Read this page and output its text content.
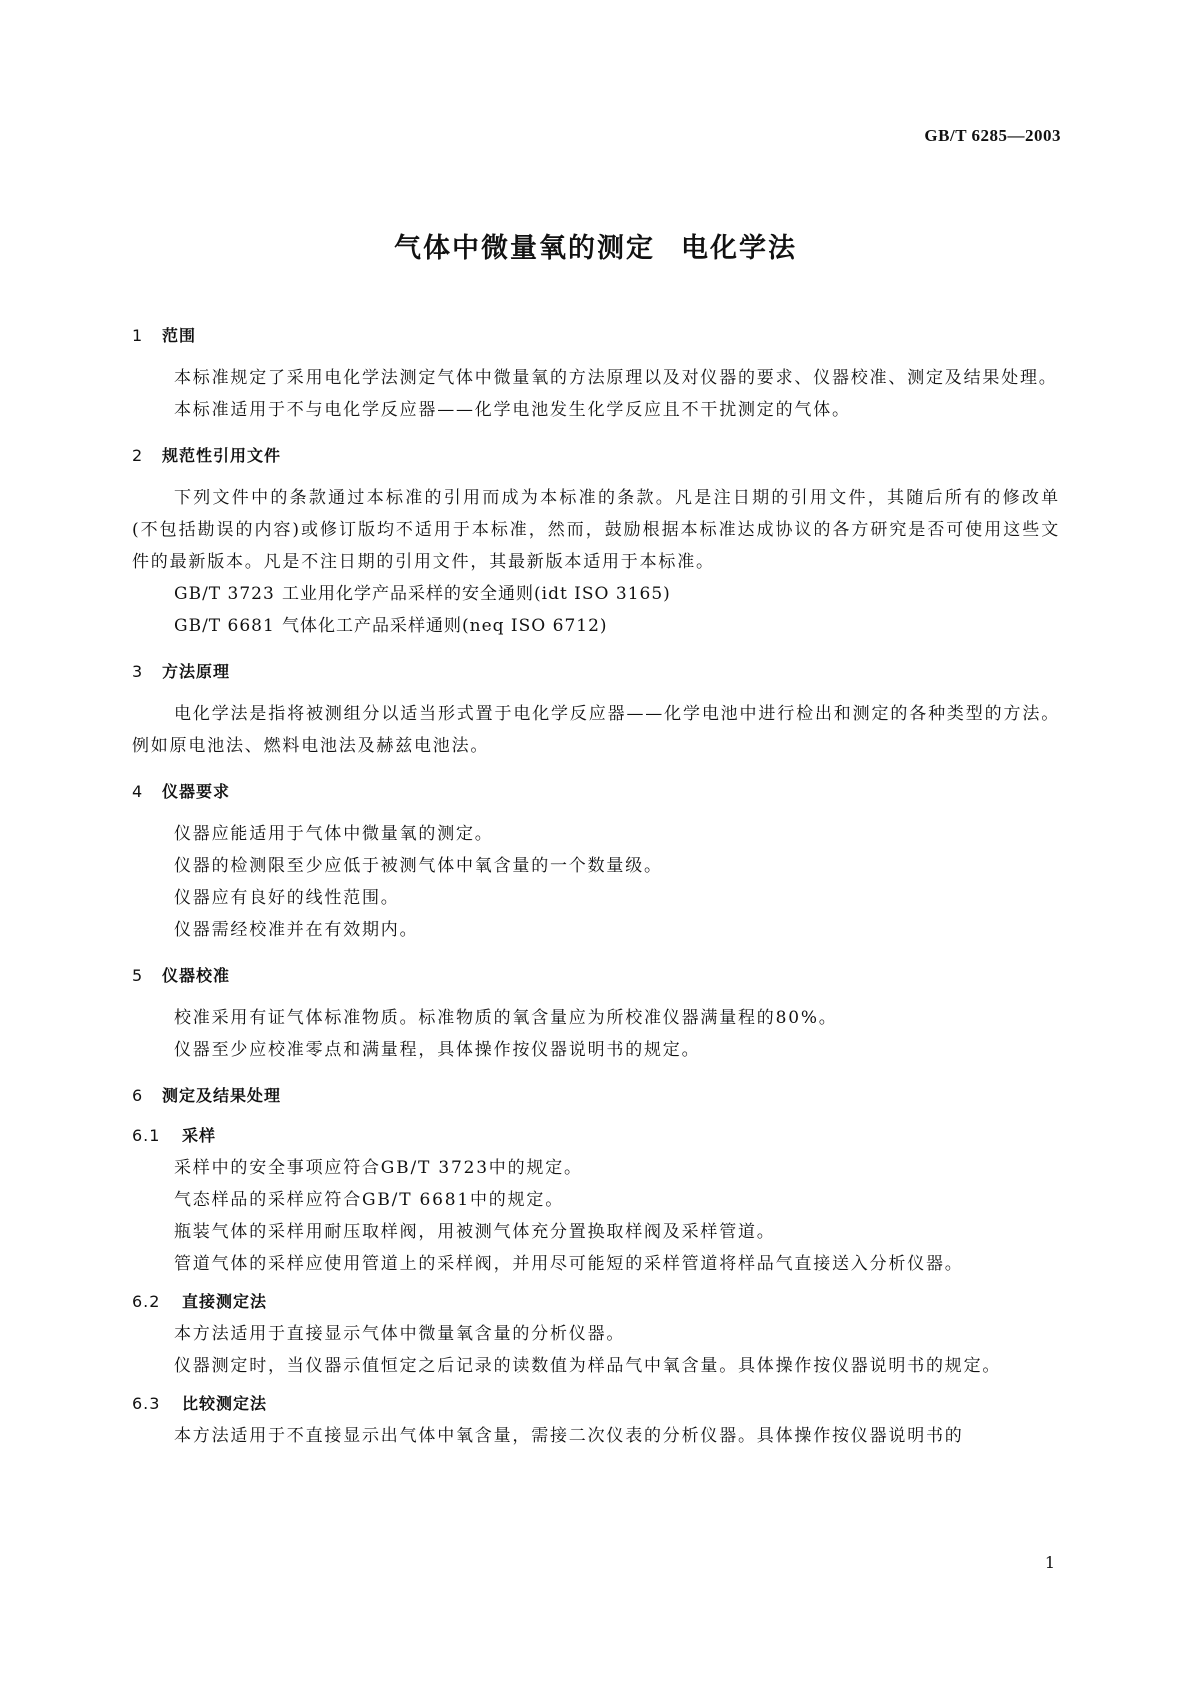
GB/T 6285—2003
气体中微量氧的测定 电化学法
1 范围
本标准规定了采用电化学法测定气体中微量氧的方法原理以及对仪器的要求、仪器校准、测定及结果处理。
本标准适用于不与电化学反应器——化学电池发生化学反应且不干扰测定的气体。
2 规范性引用文件
下列文件中的条款通过本标准的引用而成为本标准的条款。凡是注日期的引用文件，其随后所有的修改单(不包括勘误的内容)或修订版均不适用于本标准，然而，鼓励根据本标准达成协议的各方研究是否可使用这些文件的最新版本。凡是不注日期的引用文件，其最新版本适用于本标准。
GB/T 3723 工业用化学产品采样的安全通则(idt ISO 3165)
GB/T 6681 气体化工产品采样通则(neq ISO 6712)
3 方法原理
电化学法是指将被测组分以适当形式置于电化学反应器——化学电池中进行检出和测定的各种类型的方法。例如原电池法、燃料电池法及赫兹电池法。
4 仪器要求
仪器应能适用于气体中微量氧的测定。
仪器的检测限至少应低于被测气体中氧含量的一个数量级。
仪器应有良好的线性范围。
仪器需经校准并在有效期内。
5 仪器校准
校准采用有证气体标准物质。标准物质的氧含量应为所校准仪器满量程的80%。
仪器至少应校准零点和满量程，具体操作按仪器说明书的规定。
6 测定及结果处理
6.1 采样
采样中的安全事项应符合GB/T 3723中的规定。
气态样品的采样应符合GB/T 6681中的规定。
瓶装气体的采样用耐压取样阀，用被测气体充分置换取样阀及采样管道。
管道气体的采样应使用管道上的采样阀，并用尽可能短的采样管道将样品气直接送入分析仪器。
6.2 直接测定法
本方法适用于直接显示气体中微量氧含量的分析仪器。
仪器测定时，当仪器示值恒定之后记录的读数值为样品气中氧含量。具体操作按仪器说明书的规定。
6.3 比较测定法
本方法适用于不直接显示出气体中氧含量，需接二次仪表的分析仪器。具体操作按仪器说明书的
1
